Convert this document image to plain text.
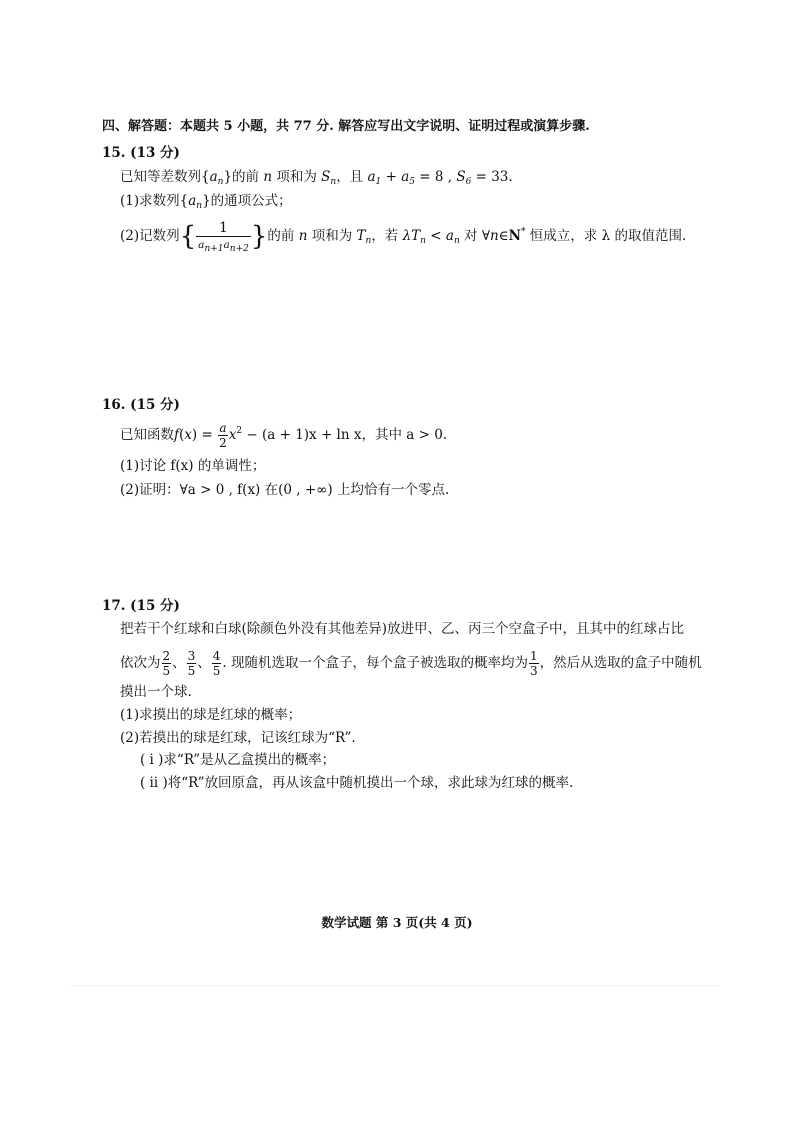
四、解答题：本题共 5 小题，共 77 分. 解答应写出文字说明、证明过程或演算步骤.
15. (13 分)
已知等差数列$\{a_n\}$的前 n 项和为 $S_n$，且 $a_1 + a_5 = 8$ , $S_6 = 33$.
(1)求数列$\{a_n\}$的通项公式；
(2)记数列{ $\frac{1}{a_{n+1}a_{n+2}}$ }的前 n 项和为 $T_n$，若 $\lambda T_n < a_n$ 对 ∀n∈N* 恒成立，求 λ 的取值范围.
16. (15 分)
已知函数$f(x) = \frac{a}{2} x^2 - (a + 1)x + \ln x$，其中 a > 0.
(1)讨论 f(x) 的单调性；
(2)证明：∀a > 0 , f(x) 在(0 , +∞) 上均恰有一个零点.
17. (15 分)
把若干个红球和白球(除颜色外没有其他差异)放进甲、乙、丙三个空盒子中，且其中的红球占比
依次为 $\frac{2}{5}$ 、 $\frac{3}{5}$ 、 $\frac{4}{5}$ . 现随机选取一个盒子，每个盒子被选取的概率均为 $\frac{1}{3}$ ，然后从选取的盒子中随机
摸出一个球.
(1)求摸出的球是红球的概率；
(2)若摸出的球是红球，记该红球为“R”.
( ⅰ )求“R”是从乙盒摸出的概率；
( ⅱ )将“R”放回原盒，再从该盒中随机摸出一个球，求此球为红球的概率.
数学试题 第 3 页(共 4 页)
